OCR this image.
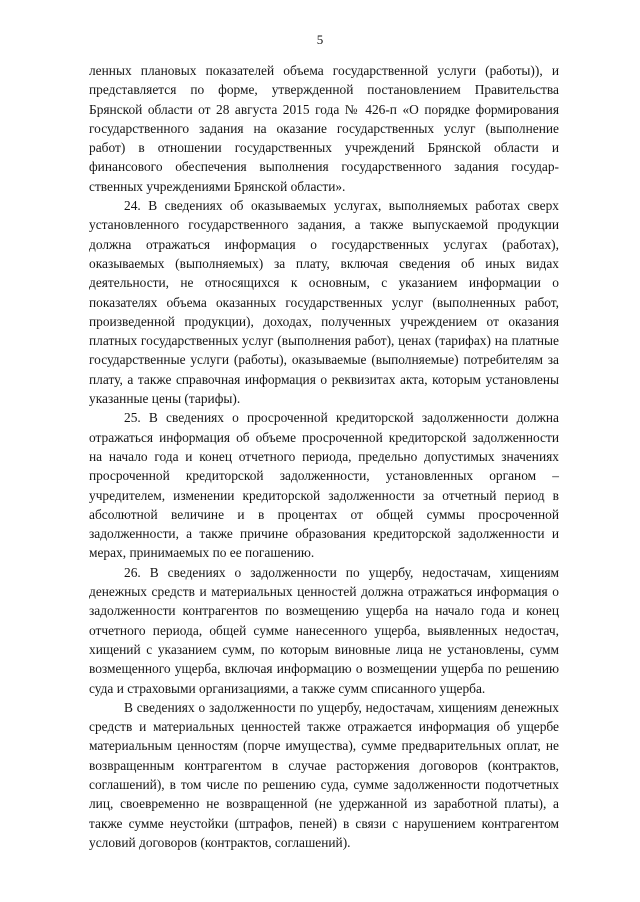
5

ленных плановых показателей объема государственной услуги (работы)), и представляется по форме, утвержденной постановлением Правительства Брянской области от 28 августа 2015 года № 426-п «О порядке формирования государственного задания на оказание государственных услуг (выполнение работ) в отношении государственных учреждений Брянской области и финансового обеспечения выполнения государственного задания государственных учреждениями Брянской области».

24. В сведениях об оказываемых услугах, выполняемых работах сверх установленного государственного задания, а также выпускаемой продукции должна отражаться информация о государственных услугах (работах), оказываемых (выполняемых) за плату, включая сведения об иных видах деятельности, не относящихся к основным, с указанием информации о показателях объема оказанных государственных услуг (выполненных работ, произведенной продукции), доходах, полученных учреждением от оказания платных государственных услуг (выполнения работ), ценах (тарифах) на платные государственные услуги (работы), оказываемые (выполняемые) потребителям за плату, а также справочная информация о реквизитах акта, которым установлены указанные цены (тарифы).

25. В сведениях о просроченной кредиторской задолженности должна отражаться информация об объеме просроченной кредиторской задолженности на начало года и конец отчетного периода, предельно допустимых значениях просроченной кредиторской задолженности, установленных органом – учредителем, изменении кредиторской задолженности за отчетный период в абсолютной величине и в процентах от общей суммы просроченной задолженности, а также причине образования кредиторской задолженности и мерах, принимаемых по ее погашению.

26. В сведениях о задолженности по ущербу, недостачам, хищениям денежных средств и материальных ценностей должна отражаться информация о задолженности контрагентов по возмещению ущерба на начало года и конец отчетного периода, общей сумме нанесенного ущерба, выявленных недостач, хищений с указанием сумм, по которым виновные лица не установлены, сумм возмещенного ущерба, включая информацию о возмещении ущерба по решению суда и страховыми организациями, а также сумм списанного ущерба.

В сведениях о задолженности по ущербу, недостачам, хищениям денежных средств и материальных ценностей также отражается информация об ущербе материальным ценностям (порче имущества), сумме предварительных оплат, не возвращенным контрагентом в случае расторжения договоров (контрактов, соглашений), в том числе по решению суда, сумме задолженности подотчетных лиц, своевременно не возвращенной (не удержанной из заработной платы), а также сумме неустойки (штрафов, пеней) в связи с нарушением контрагентом условий договоров (контрактов, соглашений).
